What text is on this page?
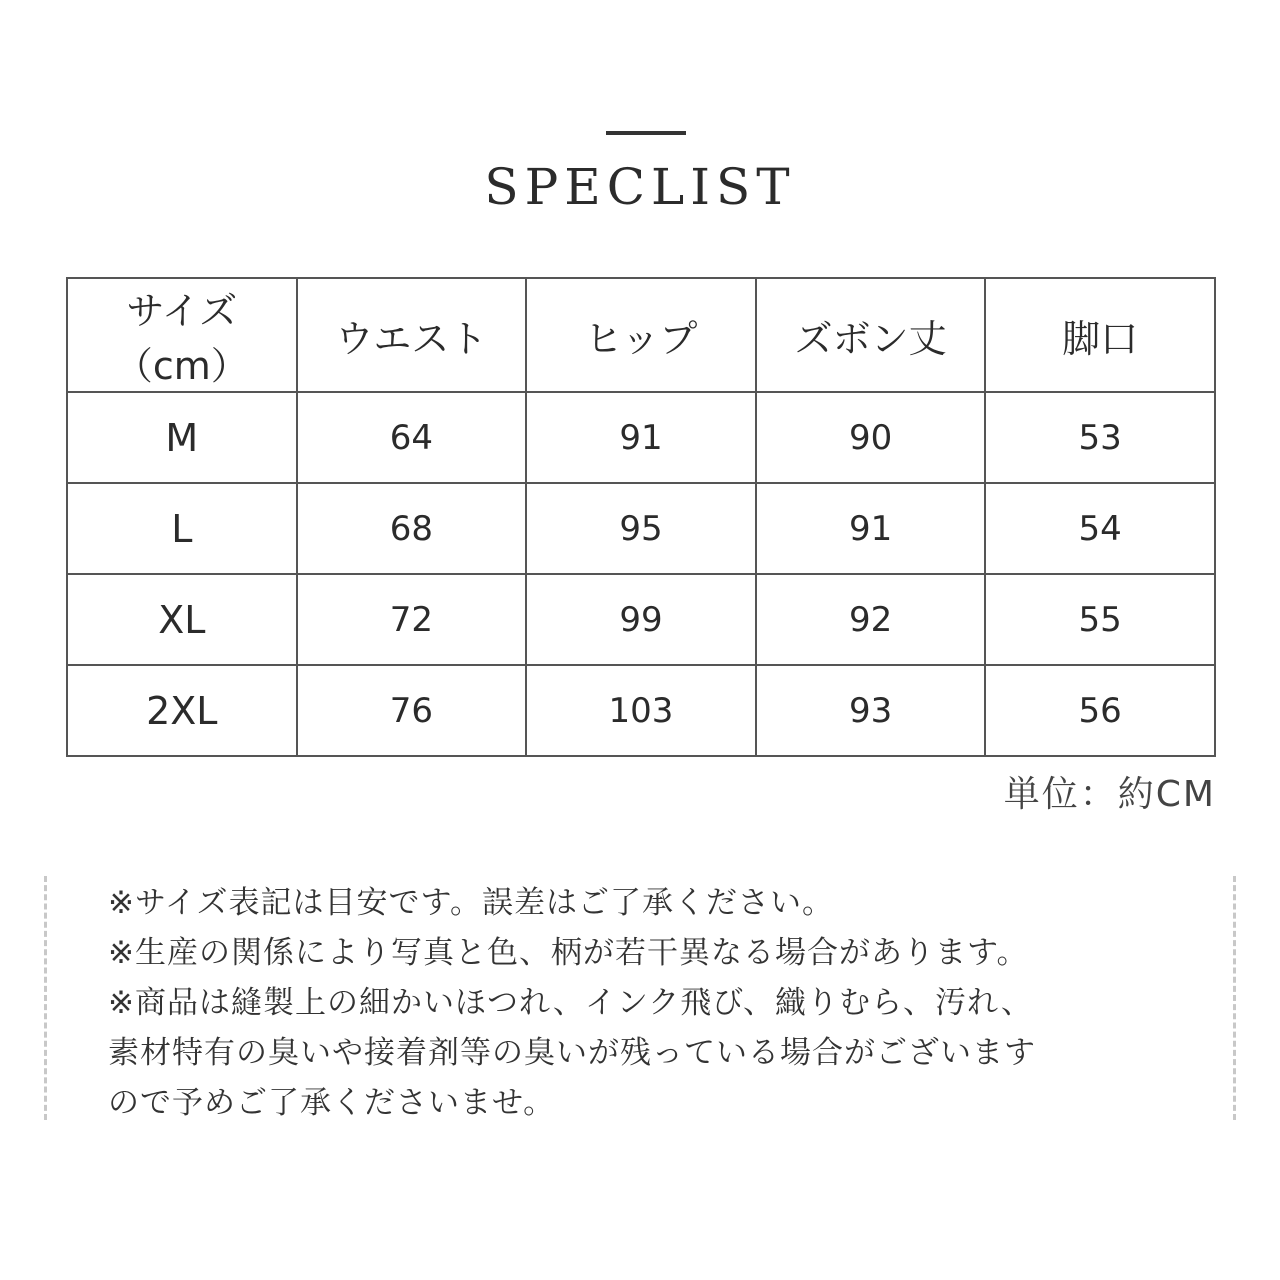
SPECLIST
サイズ（cm）	ウエスト	ヒップ	ズボン丈	脚口
M	64	91	90	53
L	68	95	91	54
XL	72	99	92	55
2XL	76	103	93	56
単位：約CM

※サイズ表記は目安です。誤差はご了承ください。

※生産の関係により写真と色、柄が若干異なる場合があります。

※商品は縫製上の細かいほつれ、インク飛び、織りむら、汚れ、

素材特有の臭いや接着剤等の臭いが残っている場合がございます

ので予めご了承くださいませ。
